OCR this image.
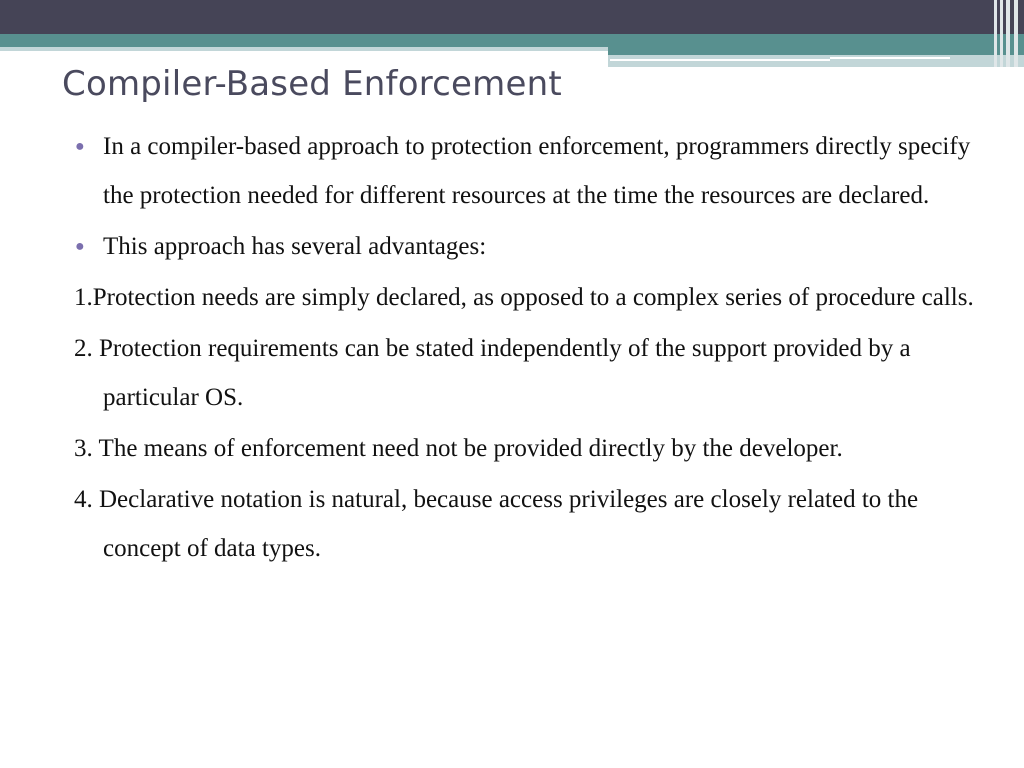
Compiler-Based Enforcement

● In a compiler-based approach to protection enforcement, programmers directly specify the protection needed for different resources at the time the resources are declared.

● This approach has several advantages:

1.Protection needs are simply declared, as opposed to a complex series of procedure calls.

2. Protection requirements can be stated independently of the support provided by a particular OS.

3. The means of enforcement need not be provided directly by the developer.

4. Declarative notation is natural, because access privileges are closely related to the concept of data types.
